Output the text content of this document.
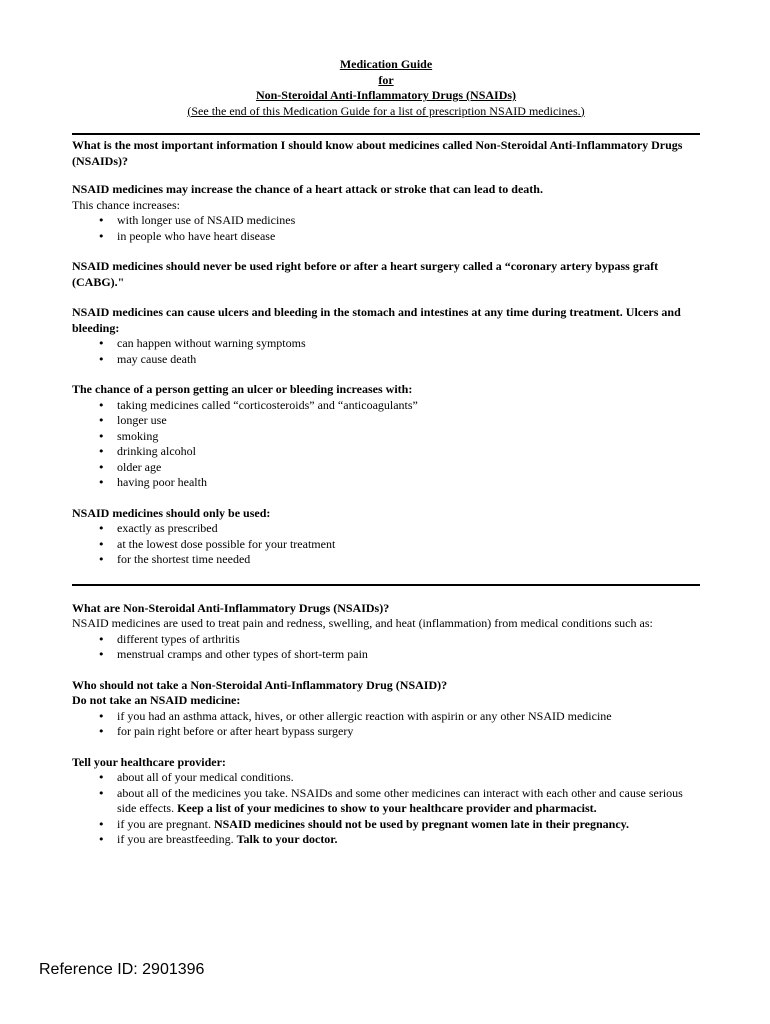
Medication Guide
for
Non-Steroidal Anti-Inflammatory Drugs (NSAIDs)
(See the end of this Medication Guide for a list of prescription NSAID medicines.)

What is the most important information I should know about medicines called Non-Steroidal Anti-Inflammatory Drugs (NSAIDs)?

NSAID medicines may increase the chance of a heart attack or stroke that can lead to death.

This chance increases:

• with longer use of NSAID medicines
• in people who have heart disease

NSAID medicines should never be used right before or after a heart surgery called a “coronary artery bypass graft (CABG)."

NSAID medicines can cause ulcers and bleeding in the stomach and intestines at any time during treatment. Ulcers and bleeding:

• can happen without warning symptoms
• may cause death

The chance of a person getting an ulcer or bleeding increases with:

• taking medicines called “corticosteroids” and “anticoagulants”
• longer use
• smoking
• drinking alcohol
• older age
• having poor health

NSAID medicines should only be used:

• exactly as prescribed
• at the lowest dose possible for your treatment
• for the shortest time needed

What are Non-Steroidal Anti-Inflammatory Drugs (NSAIDs)?

NSAID medicines are used to treat pain and redness, swelling, and heat (inflammation) from medical conditions such as:

• different types of arthritis
• menstrual cramps and other types of short-term pain

Who should not take a Non-Steroidal Anti-Inflammatory Drug (NSAID)?

Do not take an NSAID medicine:

• if you had an asthma attack, hives, or other allergic reaction with aspirin or any other NSAID medicine
• for pain right before or after heart bypass surgery

Tell your healthcare provider:

• about all of your medical conditions.
• about all of the medicines you take. NSAIDs and some other medicines can interact with each other and cause serious side effects. Keep a list of your medicines to show to your healthcare provider and pharmacist.
• if you are pregnant. NSAID medicines should not be used by pregnant women late in their pregnancy.
• if you are breastfeeding. Talk to your doctor.
Reference ID: 2901396
